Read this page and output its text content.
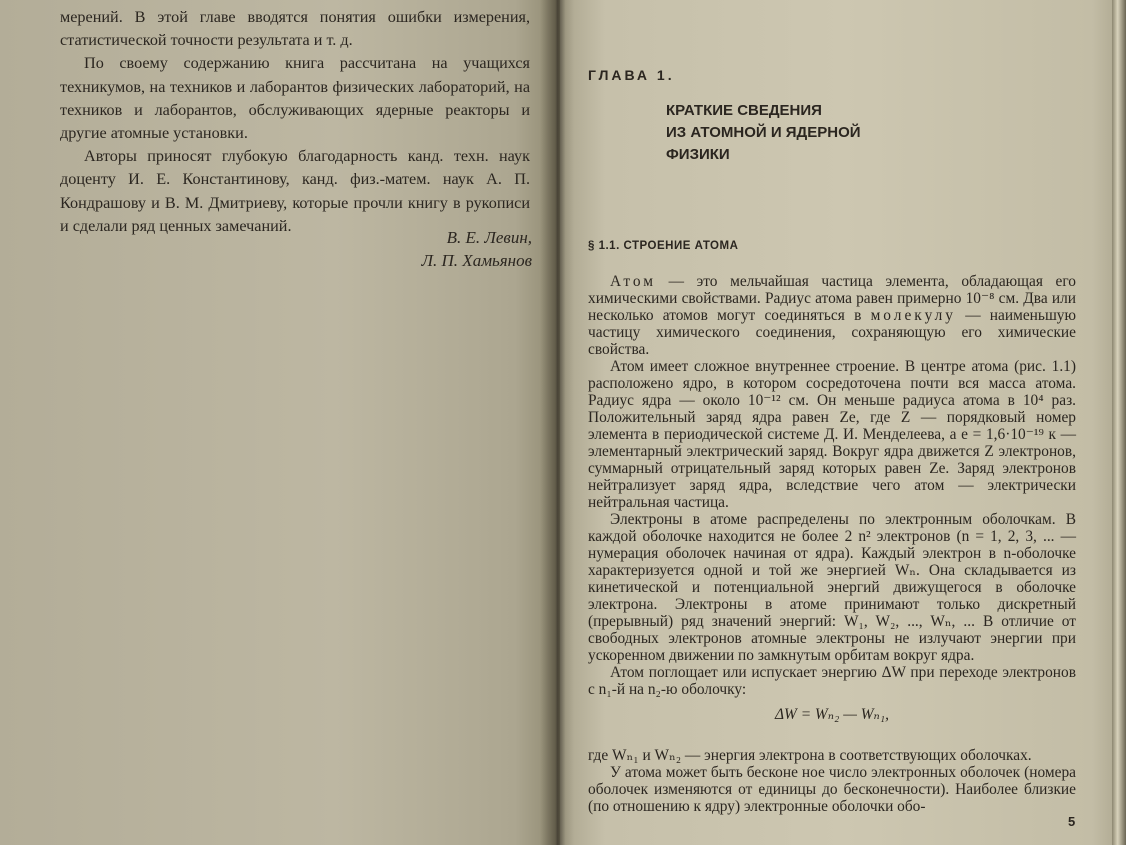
мерений. В этой главе вводятся понятия ошибки измерения, статистической точности результата и т. д.

По своему содержанию книга рассчитана на учащихся техникумов, на техников и лаборантов физических лабораторий, на техников и лаборантов, обслуживающих ядерные реакторы и другие атомные установки.

Авторы приносят глубокую благодарность канд. техн. наук доценту И. Е. Константинову, канд. физ.-матем. наук А. П. Кондрашову и В. М. Дмитриеву, которые прочли книгу в рукописи и сделали ряд ценных замечаний.

В. Е. Левин,
Л. П. Хамьянов
ГЛАВА 1.
КРАТКИЕ СВЕДЕНИЯ
ИЗ АТОМНОЙ И ЯДЕРНОЙ
ФИЗИКИ
§ 1.1. СТРОЕНИЕ АТОМА

Атом — это мельчайшая частица элемента, обладающая его химическими свойствами. Радиус атома равен примерно 10⁻⁸ см. Два или несколько атомов могут соединяться в молекулу — наименьшую частицу химического соединения, сохраняющую его химические свойства.

Атом имеет сложное внутреннее строение. В центре атома (рис. 1.1) расположено ядро, в котором сосредоточена почти вся масса атома. Радиус ядра — около 10⁻¹² см. Он меньше радиуса атома в 10⁴ раз. Положительный заряд ядра равен Ze, где Z — порядковый номер элемента в периодической системе Д. И. Менделеева, а e = 1,6·10⁻¹⁹ к — элементарный электрический заряд. Вокруг ядра движется Z электронов, суммарный отрицательный заряд которых равен Ze. Заряд электронов нейтрализует заряд ядра, вследствие чего атом — электрически нейтральная частица.

Электроны в атоме распределены по электронным оболочкам. В каждой оболочке находится не более 2 n² электронов (n = 1, 2, 3, ... — нумерация оболочек начиная от ядра). Каждый электрон в n-оболочке характеризуется одной и той же энергией Wₙ. Она складывается из кинетической и потенциальной энергий движущегося в оболочке электрона. Электроны в атоме принимают только дискретный (прерывный) ряд значений энергий: W₁, W₂, ..., Wₙ, ... В отличие от свободных электронов атомные электроны не излучают энергии при ускоренном движении по замкнутым орбитам вокруг ядра.

Атом поглощает или испускает энергию ΔW при переходе электронов с n₁-й на n₂-ю оболочку:

ΔW = Wₙ₂ — Wₙ₁,

где Wₙ₁ и Wₙ₂ — энергия электрона в соответствующих оболочках.

У атома может быть бесконе ное число электронных оболочек (номера оболочек изменяются от единицы до бесконечности). Наиболее близкие (по отношению к ядру) электронные оболочки обо-

5
